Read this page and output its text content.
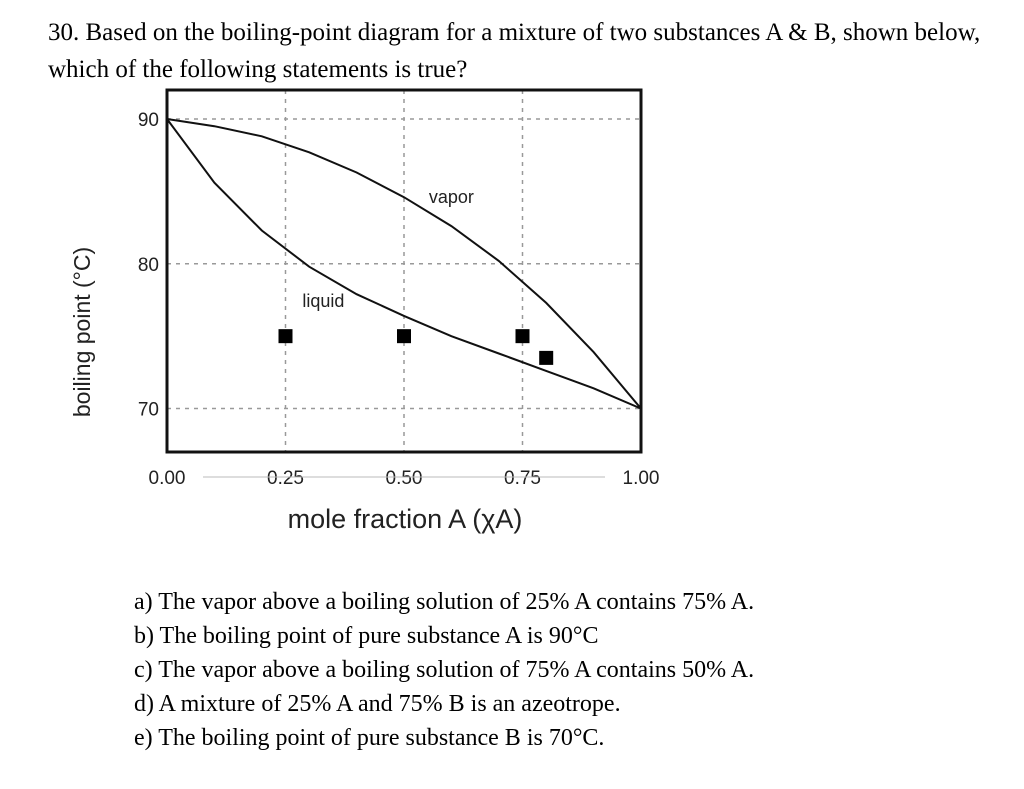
30. Based on the boiling-point diagram for a mixture of two substances A & B, shown below, which of the following statements is true?

0.00	0.25	0.50	0.75	1.00
70
80
90
vapor
liquid
boiling point (°C)
mole fraction A (χA)
a) The vapor above a boiling solution of 25% A contains 75% A.
b) The boiling point of pure substance A is 90°C
c) The vapor above a boiling solution of 75% A contains 50% A.
d) A mixture of 25% A and 75% B is an azeotrope.
e) The boiling point of pure substance B is 70°C.
